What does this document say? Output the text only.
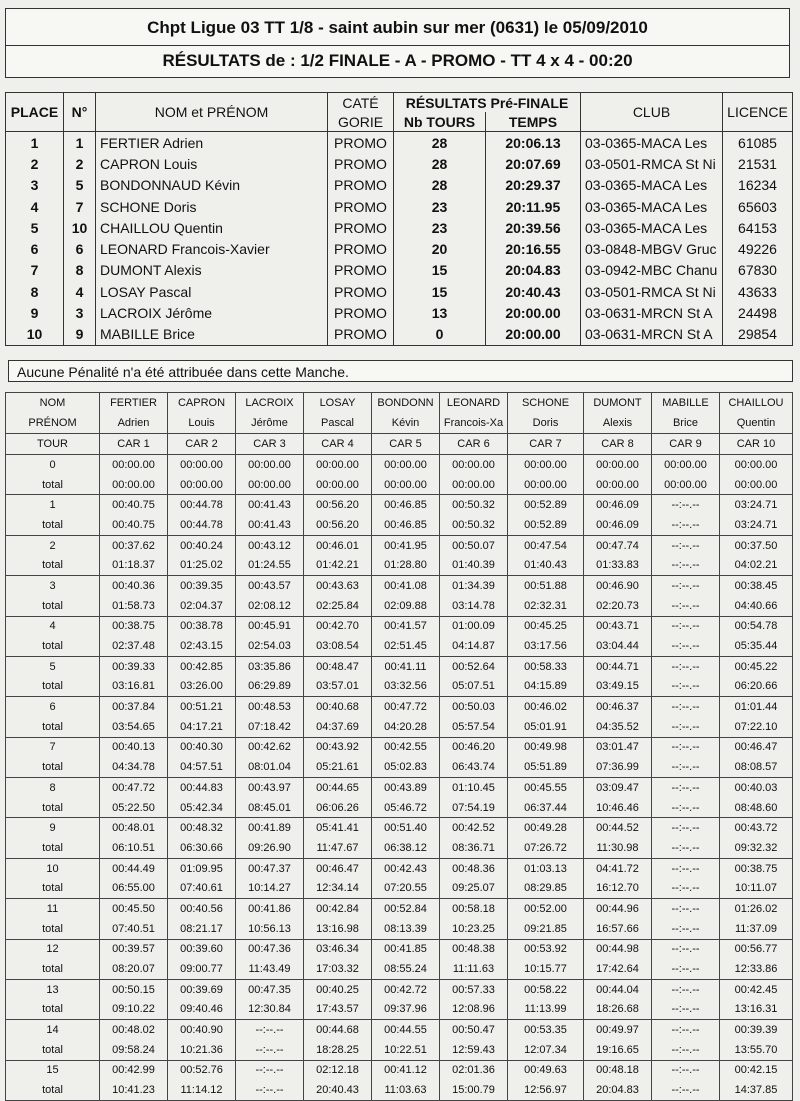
Chpt Ligue 03 TT 1/8 - saint aubin sur mer (0631) le 05/09/2010
RÉSULTATS de : 1/2 FINALE - A - PROMO - TT 4 x 4 - 00:20
PLACE	N°	NOM et PRÉNOM	CATÉ	RÉSULTATS Pré-FINALE		CLUB	LICENCE
			GORIE	Nb TOURS	TEMPS		
1	1	FERTIER Adrien	PROMO	28	20:06.13	03-0365-MACA Les	61085
2	2	CAPRON Louis	PROMO	28	20:07.69	03-0501-RMCA St Ni	21531
3	5	BONDONNAUD Kévin	PROMO	28	20:29.37	03-0365-MACA Les	16234
4	7	SCHONE Doris	PROMO	23	20:11.95	03-0365-MACA Les	65603
5	10	CHAILLOU Quentin	PROMO	23	20:39.56	03-0365-MACA Les	64153
6	6	LEONARD Francois-Xavier	PROMO	20	20:16.55	03-0848-MBGV Gruc	49226
7	8	DUMONT Alexis	PROMO	15	20:04.83	03-0942-MBC Chanu	67830
8	4	LOSAY Pascal	PROMO	15	20:40.43	03-0501-RMCA St Ni	43633
9	3	LACROIX Jérôme	PROMO	13	20:00.00	03-0631-MRCN St A	24498
10	9	MABILLE Brice	PROMO	0	20:00.00	03-0631-MRCN St A	29854
Aucune Pénalité n'a été attribuée dans cette Manche.
NOM	FERTIER	CAPRON	LACROIX	LOSAY	BONDONN	LEONARD	SCHONE	DUMONT	MABILLE	CHAILLOU
PRÉNOM	Adrien	Louis	Jérôme	Pascal	Kévin	Francois-Xa	Doris	Alexis	Brice	Quentin
TOUR	CAR 1	CAR 2	CAR 3	CAR 4	CAR 5	CAR 6	CAR 7	CAR 8	CAR 9	CAR 10
0	00:00.00	00:00.00	00:00.00	00:00.00	00:00.00	00:00.00	00:00.00	00:00.00	00:00.00	00:00.00
total	00:00.00	00:00.00	00:00.00	00:00.00	00:00.00	00:00.00	00:00.00	00:00.00	00:00.00	00:00.00
1	00:40.75	00:44.78	00:41.43	00:56.20	00:46.85	00:50.32	00:52.89	00:46.09	--:--.--	03:24.71
total	00:40.75	00:44.78	00:41.43	00:56.20	00:46.85	00:50.32	00:52.89	00:46.09	--:--.--	03:24.71
2	00:37.62	00:40.24	00:43.12	00:46.01	00:41.95	00:50.07	00:47.54	00:47.74	--:--.--	00:37.50
total	01:18.37	01:25.02	01:24.55	01:42.21	01:28.80	01:40.39	01:40.43	01:33.83	--:--.--	04:02.21
3	00:40.36	00:39.35	00:43.57	00:43.63	00:41.08	01:34.39	00:51.88	00:46.90	--:--.--	00:38.45
total	01:58.73	02:04.37	02:08.12	02:25.84	02:09.88	03:14.78	02:32.31	02:20.73	--:--.--	04:40.66
4	00:38.75	00:38.78	00:45.91	00:42.70	00:41.57	01:00.09	00:45.25	00:43.71	--:--.--	00:54.78
total	02:37.48	02:43.15	02:54.03	03:08.54	02:51.45	04:14.87	03:17.56	03:04.44	--:--.--	05:35.44
5	00:39.33	00:42.85	03:35.86	00:48.47	00:41.11	00:52.64	00:58.33	00:44.71	--:--.--	00:45.22
total	03:16.81	03:26.00	06:29.89	03:57.01	03:32.56	05:07.51	04:15.89	03:49.15	--:--.--	06:20.66
6	00:37.84	00:51.21	00:48.53	00:40.68	00:47.72	00:50.03	00:46.02	00:46.37	--:--.--	01:01.44
total	03:54.65	04:17.21	07:18.42	04:37.69	04:20.28	05:57.54	05:01.91	04:35.52	--:--.--	07:22.10
7	00:40.13	00:40.30	00:42.62	00:43.92	00:42.55	00:46.20	00:49.98	03:01.47	--:--.--	00:46.47
total	04:34.78	04:57.51	08:01.04	05:21.61	05:02.83	06:43.74	05:51.89	07:36.99	--:--.--	08:08.57
8	00:47.72	00:44.83	00:43.97	00:44.65	00:43.89	01:10.45	00:45.55	03:09.47	--:--.--	00:40.03
total	05:22.50	05:42.34	08:45.01	06:06.26	05:46.72	07:54.19	06:37.44	10:46.46	--:--.--	08:48.60
9	00:48.01	00:48.32	00:41.89	05:41.41	00:51.40	00:42.52	00:49.28	00:44.52	--:--.--	00:43.72
total	06:10.51	06:30.66	09:26.90	11:47.67	06:38.12	08:36.71	07:26.72	11:30.98	--:--.--	09:32.32
10	00:44.49	01:09.95	00:47.37	00:46.47	00:42.43	00:48.36	01:03.13	04:41.72	--:--.--	00:38.75
total	06:55.00	07:40.61	10:14.27	12:34.14	07:20.55	09:25.07	08:29.85	16:12.70	--:--.--	10:11.07
11	00:45.50	00:40.56	00:41.86	00:42.84	00:52.84	00:58.18	00:52.00	00:44.96	--:--.--	01:26.02
total	07:40.51	08:21.17	10:56.13	13:16.98	08:13.39	10:23.25	09:21.85	16:57.66	--:--.--	11:37.09
12	00:39.57	00:39.60	00:47.36	03:46.34	00:41.85	00:48.38	00:53.92	00:44.98	--:--.--	00:56.77
total	08:20.07	09:00.77	11:43.49	17:03.32	08:55.24	11:11.63	10:15.77	17:42.64	--:--.--	12:33.86
13	00:50.15	00:39.69	00:47.35	00:40.25	00:42.72	00:57.33	00:58.22	00:44.04	--:--.--	00:42.45
total	09:10.22	09:40.46	12:30.84	17:43.57	09:37.96	12:08.96	11:13.99	18:26.68	--:--.--	13:16.31
14	00:48.02	00:40.90	--:--.--	00:44.68	00:44.55	00:50.47	00:53.35	00:49.97	--:--.--	00:39.39
total	09:58.24	10:21.36	--:--.--	18:28.25	10:22.51	12:59.43	12:07.34	19:16.65	--:--.--	13:55.70
15	00:42.99	00:52.76	--:--.--	02:12.18	00:41.12	02:01.36	00:49.63	00:48.18	--:--.--	00:42.15
total	10:41.23	11:14.12	--:--.--	20:40.43	11:03.63	15:00.79	12:56.97	20:04.83	--:--.--	14:37.85
